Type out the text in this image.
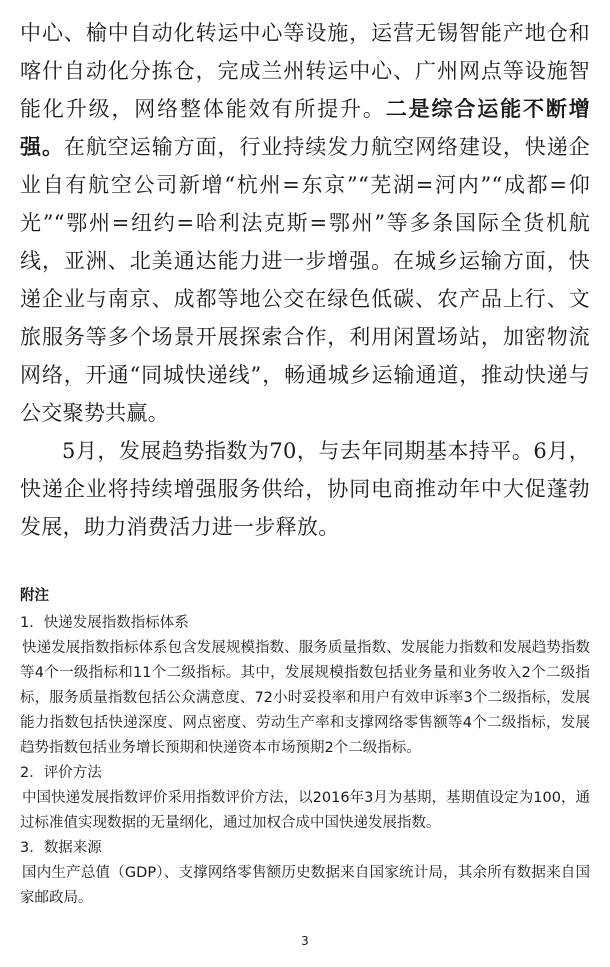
中心、榆中自动化转运中心等设施，运营无锡智能产地仓和喀什自动化分拣仓，完成兰州转运中心、广州网点等设施智能化升级，网络整体能效有所提升。二是综合运能不断增强。在航空运输方面，行业持续发力航空网络建设，快递企业自有航空公司新增“杭州=东京”“芜湖=河内”“成都=仰光”“鄂州=纽约=哈利法克斯=鄂州”等多条国际全货机航线，亚洲、北美通达能力进一步增强。在城乡运输方面，快递企业与南京、成都等地公交在绿色低碳、农产品上行、文旅服务等多个场景开展探索合作，利用闲置场站，加密物流网络，开通“同城快递线”，畅通城乡运输通道，推动快递与公交聚势共赢。

5月，发展趋势指数为70，与去年同期基本持平。6月，快递企业将持续增强服务供给，协同电商推动年中大促蓬勃发展，助力消费活力进一步释放。

附注

1．快递发展指数指标体系

快递发展指数指标体系包含发展规模指数、服务质量指数、发展能力指数和发展趋势指数等4个一级指标和11个二级指标。其中，发展规模指数包括业务量和业务收入2个二级指标，服务质量指数包括公众满意度、72小时妥投率和用户有效申诉率3个二级指标，发展能力指数包括快递深度、网点密度、劳动生产率和支撑网络零售额等4个二级指标，发展趋势指数包括业务增长预期和快递资本市场预期2个二级指标。

2．评价方法

中国快递发展指数评价采用指数评价方法，以2016年3月为基期，基期值设定为100，通过标准值实现数据的无量纲化，通过加权合成中国快递发展指数。

3．数据来源

国内生产总值（GDP）、支撑网络零售额历史数据来自国家统计局，其余所有数据来自国家邮政局。

3
